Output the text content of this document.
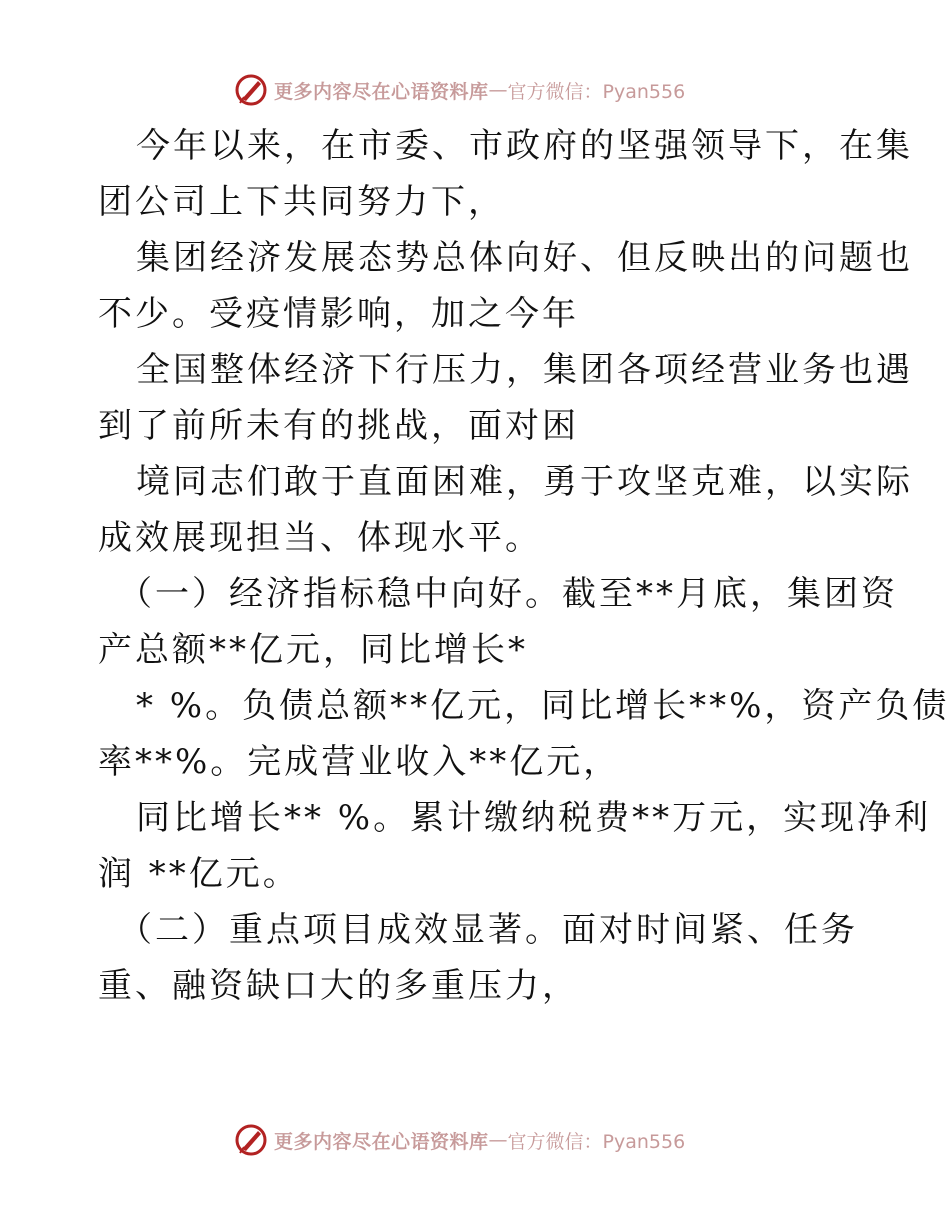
更多内容尽在心语资料库 — 官方微信：Pyan556
今年以来，在市委、市政府的坚强领导下，在集
团公司上下共同努力下，
集团经济发展态势总体向好、但反映出的问题也
不少。受疫情影响，加之今年
全国整体经济下行压力，集团各项经营业务也遇
到了前所未有的挑战，面对困
境同志们敢于直面困难，勇于攻坚克难，以实际
成效展现担当、体现水平。
（一）经济指标稳中向好。截至**月底，集团资
产总额**亿元，同比增长*
* %。负债总额**亿元，同比增长**%，资产负债
率**%。完成营业收入**亿元，
同比增长** %。累计缴纳税费**万元，实现净利
润 **亿元。
（二）重点项目成效显著。面对时间紧、任务
重、融资缺口大的多重压力，
更多内容尽在心语资料库 — 官方微信：Pyan556
